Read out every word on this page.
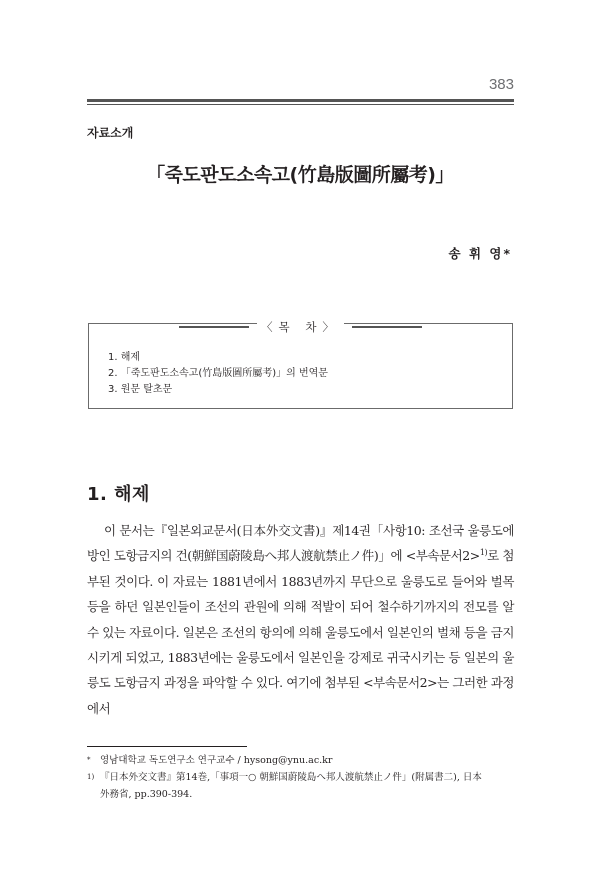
383
자료소개
「죽도판도소속고(竹島版圖所屬考)」
송 휘 영*
〈목 차〉
1. 해제
2. 「죽도판도소속고(竹島版圖所屬考)」의 번역문
3. 원문 탈초문
1. 해제

이 문서는『일본외교문서(日本外交文書)』제14권「사항10: 조선국 울릉도에 방인 도항금지의 건(朝鮮国蔚陵島へ邦人渡航禁止ノ件)」에 <부속문서2>$^{1)}$로 첨부된 것이다. 이 자료는 1881년에서 1883년까지 무단으로 울릉도로 들어와 벌목 등을 하던 일본인들이 조선의 관원에 의해 적발이 되어 철수하기까지의 전모를 알 수 있는 자료이다. 일본은 조선의 항의에 의해 울릉도에서 일본인의 벌채 등을 금지시키게 되었고, 1883년에는 울릉도에서 일본인을 강제로 귀국시키는 등 일본의 울릉도 도항금지 과정을 파악할 수 있다. 여기에 첨부된 <부속문서2>는 그러한 과정에서

* 영남대학교 독도연구소 연구교수 / hysong@ynu.ac.kr
1) 『日本外交文書』第14巻,「事項一○ 朝鮮国蔚陵島へ邦人渡航禁止ノ件」(附属書二), 日本
外務省, pp.390-394.
